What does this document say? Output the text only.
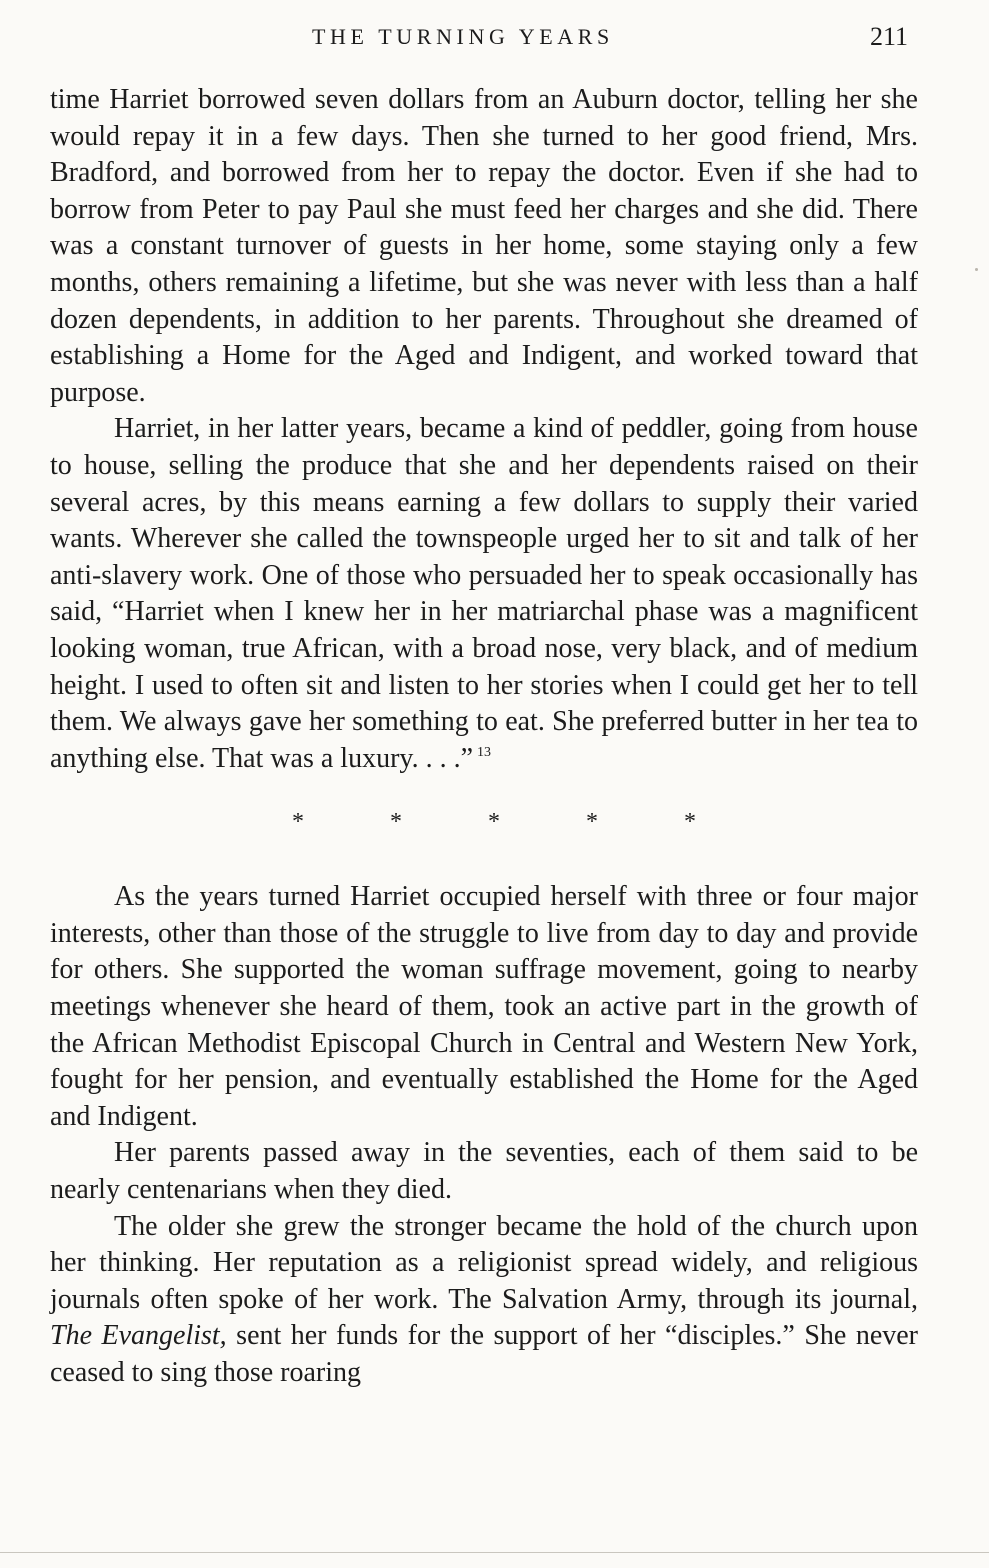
THE TURNING YEARS	211

time Harriet borrowed seven dollars from an Auburn doctor, telling her she would repay it in a few days. Then she turned to her good friend, Mrs. Bradford, and borrowed from her to repay the doctor. Even if she had to borrow from Peter to pay Paul she must feed her charges and she did. There was a constant turnover of guests in her home, some staying only a few months, others remaining a lifetime, but she was never with less than a half dozen dependents, in addition to her parents. Throughout she dreamed of establishing a Home for the Aged and Indigent, and worked toward that purpose.

Harriet, in her latter years, became a kind of peddler, going from house to house, selling the produce that she and her dependents raised on their several acres, by this means earning a few dollars to supply their varied wants. Wherever she called the townspeople urged her to sit and talk of her anti-slavery work. One of those who persuaded her to speak occasionally has said, “Harriet when I knew her in her matriarchal phase was a magnificent looking woman, true African, with a broad nose, very black, and of medium height. I used to often sit and listen to her stories when I could get her to tell them. We always gave her something to eat. She preferred butter in her tea to anything else. That was a luxury. . . .” $^{13}$

*	*	*	*	*

As the years turned Harriet occupied herself with three or four major interests, other than those of the struggle to live from day to day and provide for others. She supported the woman suffrage movement, going to nearby meetings whenever she heard of them, took an active part in the growth of the African Methodist Episcopal Church in Central and Western New York, fought for her pension, and eventually established the Home for the Aged and Indigent.

Her parents passed away in the seventies, each of them said to be nearly centenarians when they died.

The older she grew the stronger became the hold of the church upon her thinking. Her reputation as a religionist spread widely, and religious journals often spoke of her work. The Salvation Army, through its journal, The Evangelist, sent her funds for the support of her “disciples.” She never ceased to sing those roaring
